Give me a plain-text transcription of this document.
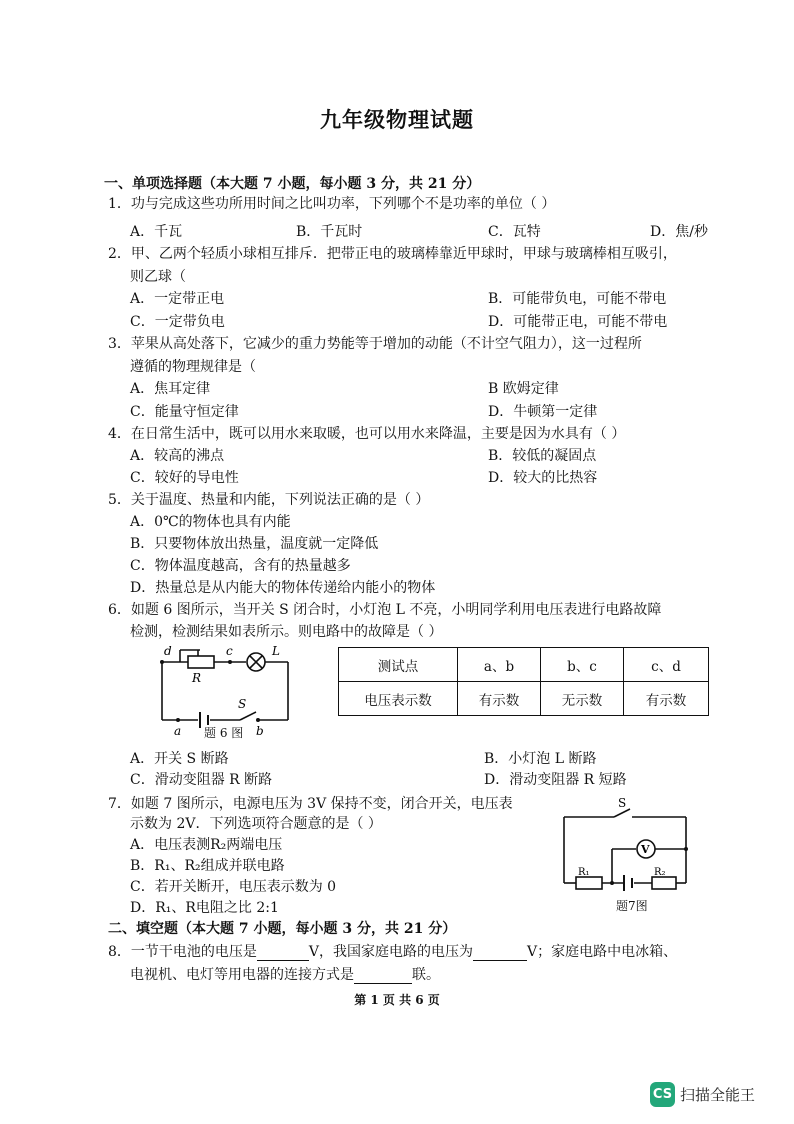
九年级物理试题
一、单项选择题（本大题 7 小题，每小题 3 分，共 21 分）
1．功与完成这些功所用时间之比叫功率，下列哪个不是功率的单位（ ）
A．千瓦	B．千瓦时	C．瓦特	D．焦/秒
2．甲、乙两个轻质小球相互排斥．把带正电的玻璃棒靠近甲球时，甲球与玻璃棒相互吸引，
则乙球（
A．一定带正电	B．可能带负电，可能不带电
C．一定带负电	D．可能带正电，可能不带电
3．苹果从高处落下，它减少的重力势能等于增加的动能（不计空气阻力），这一过程所
遵循的物理规律是（
A．焦耳定律	B 欧姆定律
C．能量守恒定律	D．牛顿第一定律
4．在日常生活中，既可以用水来取暖，也可以用水来降温，主要是因为水具有（ ）
A．较高的沸点	B．较低的凝固点
C．较好的导电性	D．较大的比热容
5．关于温度、热量和内能，下列说法正确的是（ ）
A．0℃的物体也具有内能
B．只要物体放出热量，温度就一定降低
C．物体温度越高，含有的热量越多
D．热量总是从内能大的物体传递给内能小的物体
6．如题 6 图所示，当开关 S 闭合时，小灯泡 L 不亮，小明同学利用电压表进行电路故障
检测，检测结果如表所示。则电路中的故障是（ ）
d	c	L
R
S
a	b
题 6 图
测试点	a、b	b、c	c、d
电压表示数	有示数	无示数	有示数
A．开关 S 断路	B．小灯泡 L 断路
C．滑动变阻器 R 断路	D．滑动变阻器 R 短路
7．如题 7 图所示，电源电压为 3V 保持不变，闭合开关，电压表
示数为 2V．下列选项符合题意的是（ ）
A．电压表测R₂两端电压
B．R₁、R₂组成并联电路
C．若开关断开，电压表示数为 0
D．R₁、R电阻之比 2:1
S
V
R₁	R₂
题7图
二、填空题（本大题 7 小题，每小题 3 分，共 21 分）
8．一节干电池的电压是	V，我国家庭电路的电压为	V；家庭电路中电冰箱、
电视机、电灯等用电器的连接方式是	联。
第 1 页 共 6 页
CS 扫描全能王
